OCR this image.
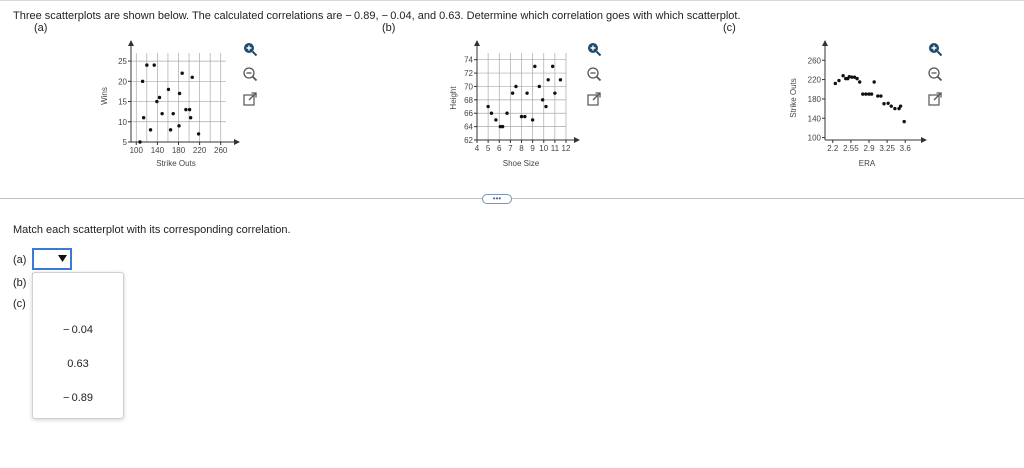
Three scatterplots are shown below. The calculated correlations are − 0.89, − 0.04, and 0.63. Determine which correlation goes with which scatterplot.
(a)	(b)	(c)
Wins
Strike Outs
100 140 180 220 260
5
10
15
20
25
Height
Shoe Size
4 5 6 7 8 9 10 11 12
62
64
66
68
70
72
74
Strike Outs
ERA
2.2 2.55 2.9 3.25 3.6
100
140
180
220
260
•••
Match each scatterplot with its corresponding correlation.
(a)
(b)
(c)
− 0.04
0.63
− 0.89
